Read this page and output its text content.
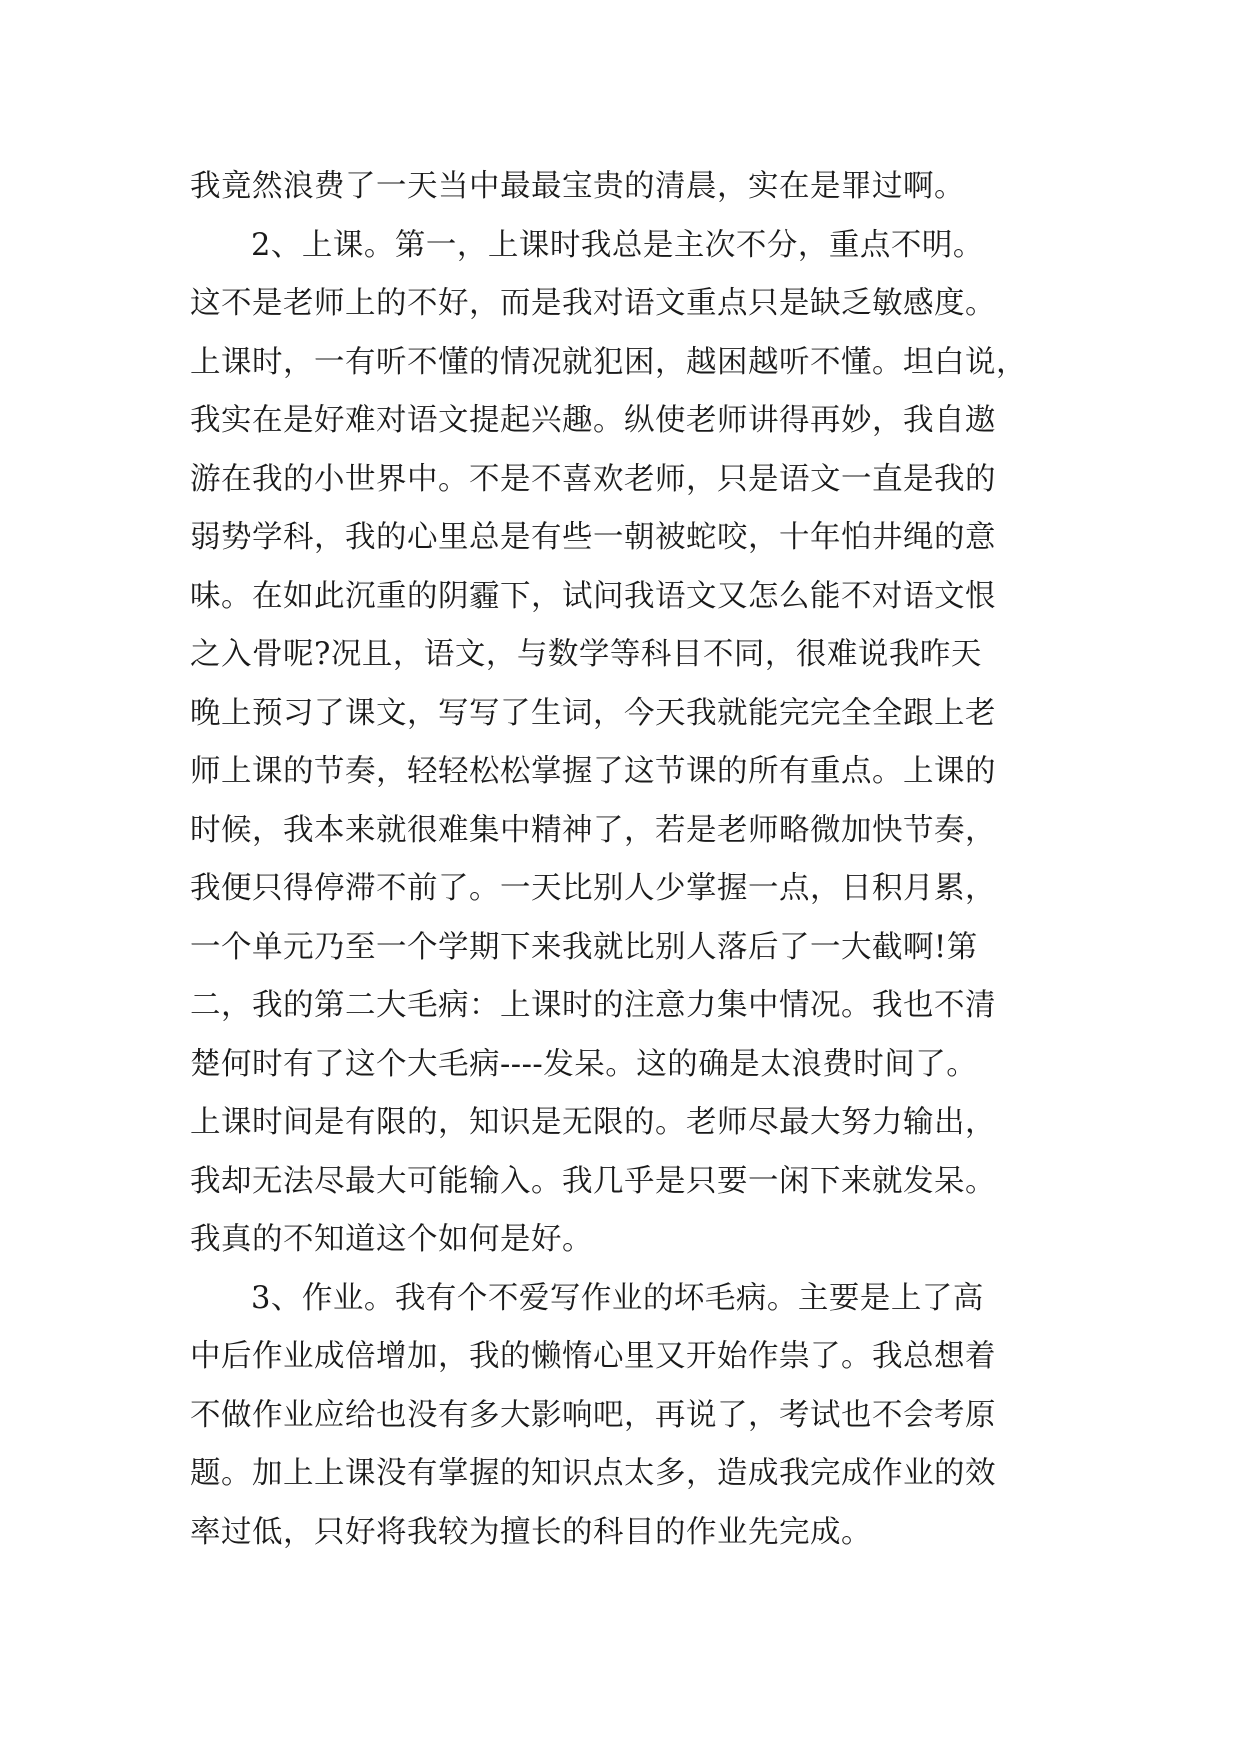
我竟然浪费了一天当中最最宝贵的清晨，实在是罪过啊。
2、上课。第一，上课时我总是主次不分，重点不明。
这不是老师上的不好，而是我对语文重点只是缺乏敏感度。
上课时，一有听不懂的情况就犯困，越困越听不懂。坦白说，
我实在是好难对语文提起兴趣。纵使老师讲得再妙，我自遨
游在我的小世界中。不是不喜欢老师，只是语文一直是我的
弱势学科，我的心里总是有些一朝被蛇咬，十年怕井绳的意
味。在如此沉重的阴霾下，试问我语文又怎么能不对语文恨
之入骨呢?况且，语文，与数学等科目不同，很难说我昨天
晚上预习了课文，写写了生词，今天我就能完完全全跟上老
师上课的节奏，轻轻松松掌握了这节课的所有重点。上课的
时候，我本来就很难集中精神了，若是老师略微加快节奏，
我便只得停滞不前了。一天比别人少掌握一点，日积月累，
一个单元乃至一个学期下来我就比别人落后了一大截啊!第
二，我的第二大毛病：上课时的注意力集中情况。我也不清
楚何时有了这个大毛病----发呆。这的确是太浪费时间了。
上课时间是有限的，知识是无限的。老师尽最大努力输出，
我却无法尽最大可能输入。我几乎是只要一闲下来就发呆。
我真的不知道这个如何是好。
3、作业。我有个不爱写作业的坏毛病。主要是上了高
中后作业成倍增加，我的懒惰心里又开始作祟了。我总想着
不做作业应给也没有多大影响吧，再说了，考试也不会考原
题。加上上课没有掌握的知识点太多，造成我完成作业的效
率过低，只好将我较为擅长的科目的作业先完成。
